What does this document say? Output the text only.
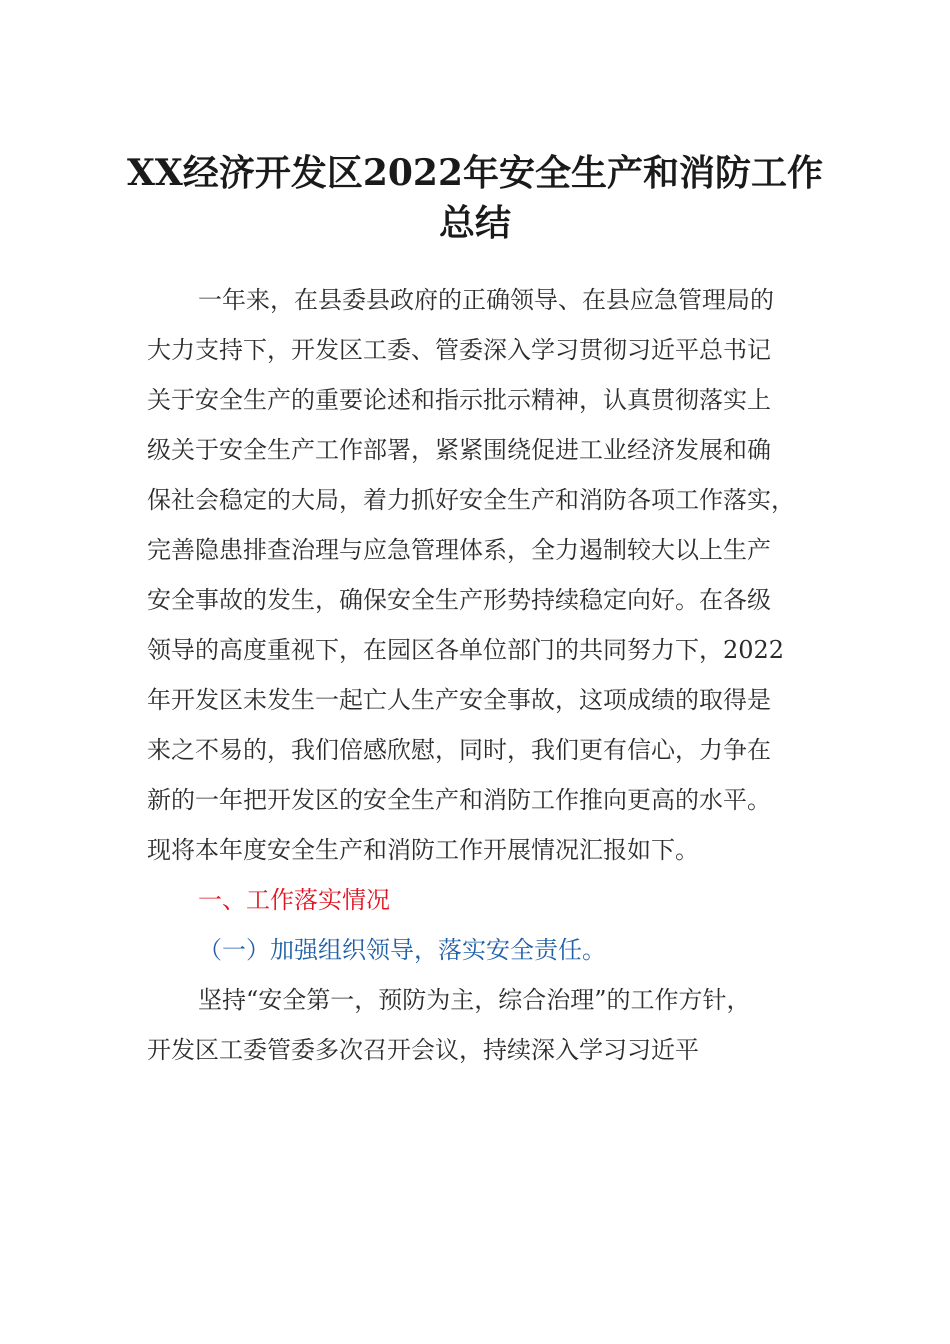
XX经济开发区2022年安全生产和消防工作
总结

一年来，在县委县政府的正确领导、在县应急管理局的

大力支持下，开发区工委、管委深入学习贯彻习近平总书记

关于安全生产的重要论述和指示批示精神，认真贯彻落实上

级关于安全生产工作部署，紧紧围绕促进工业经济发展和确

保社会稳定的大局，着力抓好安全生产和消防各项工作落实，

完善隐患排查治理与应急管理体系，全力遏制较大以上生产

安全事故的发生，确保安全生产形势持续稳定向好。在各级

领导的高度重视下，在园区各单位部门的共同努力下，2022

年开发区未发生一起亡人生产安全事故，这项成绩的取得是

来之不易的，我们倍感欣慰，同时，我们更有信心，力争在

新的一年把开发区的安全生产和消防工作推向更高的水平。

现将本年度安全生产和消防工作开展情况汇报如下。

一、工作落实情况

（一）加强组织领导，落实安全责任。

坚持“安全第一，预防为主，综合治理”的工作方针，

开发区工委管委多次召开会议，持续深入学习习近平
